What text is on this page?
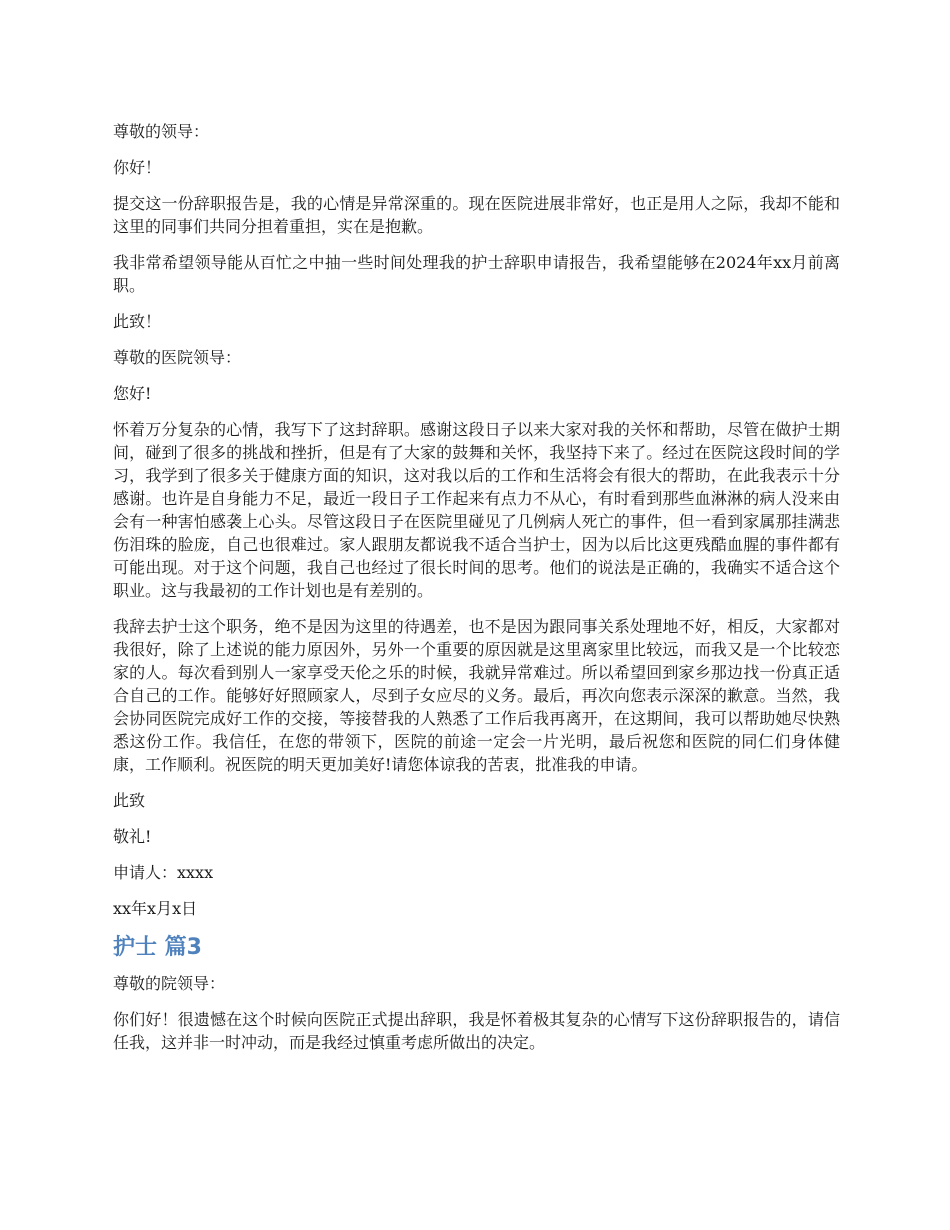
尊敬的领导：

你好！

提交这一份辞职报告是，我的心情是异常深重的。现在医院进展非常好，也正是用人之际，我却不能和这里的同事们共同分担着重担，实在是抱歉。

我非常希望领导能从百忙之中抽一些时间处理我的护士辞职申请报告，我希望能够在2024年xx月前离职。

此致！

尊敬的医院领导：

您好!

怀着万分复杂的心情，我写下了这封辞职。感谢这段日子以来大家对我的关怀和帮助，尽管在做护士期间，碰到了很多的挑战和挫折，但是有了大家的鼓舞和关怀，我坚持下来了。经过在医院这段时间的学习，我学到了很多关于健康方面的知识，这对我以后的工作和生活将会有很大的帮助，在此我表示十分感谢。也许是自身能力不足，最近一段日子工作起来有点力不从心，有时看到那些血淋淋的病人没来由会有一种害怕感袭上心头。尽管这段日子在医院里碰见了几例病人死亡的事件，但一看到家属那挂满悲伤泪珠的脸庞，自己也很难过。家人跟朋友都说我不适合当护士，因为以后比这更残酷血腥的事件都有可能出现。对于这个问题，我自己也经过了很长时间的思考。他们的说法是正确的，我确实不适合这个职业。这与我最初的工作计划也是有差别的。

我辞去护士这个职务，绝不是因为这里的待遇差，也不是因为跟同事关系处理地不好，相反，大家都对我很好，除了上述说的能力原因外，另外一个重要的原因就是这里离家里比较远，而我又是一个比较恋家的人。每次看到别人一家享受天伦之乐的时候，我就异常难过。所以希望回到家乡那边找一份真正适合自己的工作。能够好好照顾家人，尽到子女应尽的义务。最后，再次向您表示深深的歉意。当然，我会协同医院完成好工作的交接，等接替我的人熟悉了工作后我再离开，在这期间，我可以帮助她尽快熟悉这份工作。我信任，在您的带领下，医院的前途一定会一片光明，最后祝您和医院的同仁们身体健康，工作顺利。祝医院的明天更加美好!请您体谅我的苦衷，批准我的申请。

此致

敬礼!

申请人：xxxx

xx年x月x日

护士 篇3

尊敬的院领导：

你们好！很遗憾在这个时候向医院正式提出辞职，我是怀着极其复杂的心情写下这份辞职报告的，请信任我，这并非一时冲动，而是我经过慎重考虑所做出的决定。
